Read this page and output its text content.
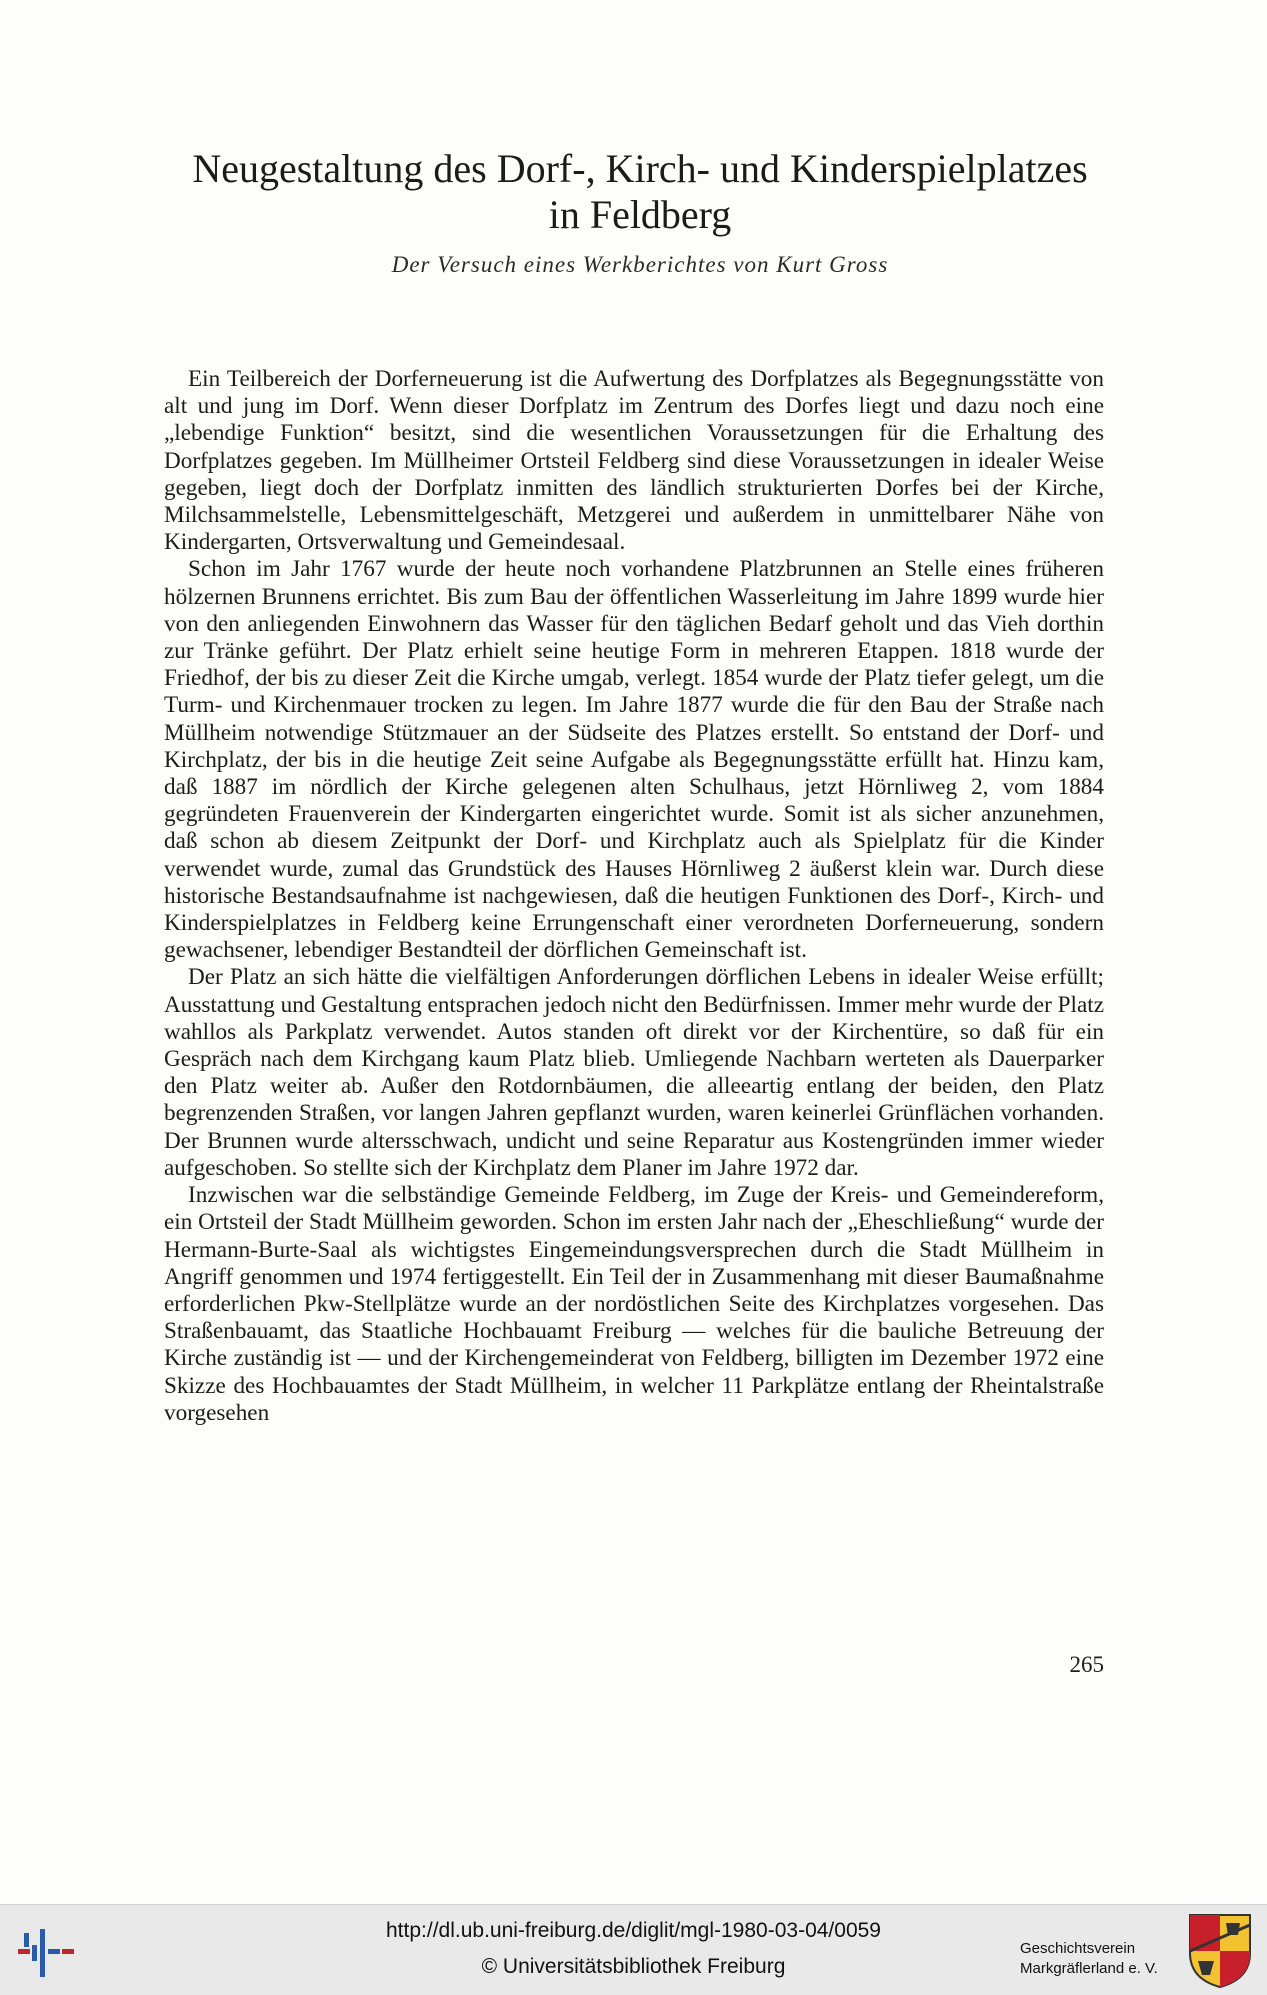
Neugestaltung des Dorf-, Kirch- und Kinderspielplatzes
in Feldberg
Der Versuch eines Werkberichtes von Kurt Gross

Ein Teilbereich der Dorferneuerung ist die Aufwertung des Dorfplatzes als Begegnungsstätte von alt und jung im Dorf. Wenn dieser Dorfplatz im Zentrum des Dorfes liegt und dazu noch eine „lebendige Funktion“ besitzt, sind die wesentlichen Voraussetzungen für die Erhaltung des Dorfplatzes gegeben. Im Müllheimer Ortsteil Feldberg sind diese Voraussetzungen in idealer Weise gegeben, liegt doch der Dorfplatz inmitten des ländlich strukturierten Dorfes bei der Kirche, Milchsammelstelle, Lebensmittelgeschäft, Metzgerei und außerdem in unmittelbarer Nähe von Kindergarten, Ortsverwaltung und Gemeindesaal.

Schon im Jahr 1767 wurde der heute noch vorhandene Platzbrunnen an Stelle eines früheren hölzernen Brunnens errichtet. Bis zum Bau der öffentlichen Wasserleitung im Jahre 1899 wurde hier von den anliegenden Einwohnern das Wasser für den täglichen Bedarf geholt und das Vieh dorthin zur Tränke geführt. Der Platz erhielt seine heutige Form in mehreren Etappen. 1818 wurde der Friedhof, der bis zu dieser Zeit die Kirche umgab, verlegt. 1854 wurde der Platz tiefer gelegt, um die Turm- und Kirchenmauer trocken zu legen. Im Jahre 1877 wurde die für den Bau der Straße nach Müllheim notwendige Stützmauer an der Südseite des Platzes erstellt. So entstand der Dorf- und Kirchplatz, der bis in die heutige Zeit seine Aufgabe als Begegnungsstätte erfüllt hat. Hinzu kam, daß 1887 im nördlich der Kirche gelegenen alten Schulhaus, jetzt Hörnliweg 2, vom 1884 gegründeten Frauenverein der Kindergarten eingerichtet wurde. Somit ist als sicher anzunehmen, daß schon ab diesem Zeitpunkt der Dorf- und Kirchplatz auch als Spielplatz für die Kinder verwendet wurde, zumal das Grundstück des Hauses Hörnliweg 2 äußerst klein war. Durch diese historische Bestandsaufnahme ist nachgewiesen, daß die heutigen Funktionen des Dorf-, Kirch- und Kinderspielplatzes in Feldberg keine Errungenschaft einer verordneten Dorferneuerung, sondern gewachsener, lebendiger Bestandteil der dörflichen Gemeinschaft ist.

Der Platz an sich hätte die vielfältigen Anforderungen dörflichen Lebens in idealer Weise erfüllt; Ausstattung und Gestaltung entsprachen jedoch nicht den Bedürfnissen. Immer mehr wurde der Platz wahllos als Parkplatz verwendet. Autos standen oft direkt vor der Kirchentüre, so daß für ein Gespräch nach dem Kirchgang kaum Platz blieb. Umliegende Nachbarn werteten als Dauerparker den Platz weiter ab. Außer den Rotdornbäumen, die alleeartig entlang der beiden, den Platz begrenzenden Straßen, vor langen Jahren gepflanzt wurden, waren keinerlei Grünflächen vorhanden. Der Brunnen wurde altersschwach, undicht und seine Reparatur aus Kostengründen immer wieder aufgeschoben. So stellte sich der Kirchplatz dem Planer im Jahre 1972 dar.

Inzwischen war die selbständige Gemeinde Feldberg, im Zuge der Kreis- und Gemeindereform, ein Ortsteil der Stadt Müllheim geworden. Schon im ersten Jahr nach der „Eheschließung“ wurde der Hermann-Burte-Saal als wichtigstes Eingemeindungsversprechen durch die Stadt Müllheim in Angriff genommen und 1974 fertiggestellt. Ein Teil der in Zusammenhang mit dieser Baumaßnahme erforderlichen Pkw-Stellplätze wurde an der nordöstlichen Seite des Kirchplatzes vorgesehen. Das Straßenbauamt, das Staatliche Hochbauamt Freiburg — welches für die bauliche Betreuung der Kirche zuständig ist — und der Kirchengemeinderat von Feldberg, billigten im Dezember 1972 eine Skizze des Hochbauamtes der Stadt Müllheim, in welcher 11 Parkplätze entlang der Rheintalstraße vorgesehen

265
http://dl.ub.uni-freiburg.de/diglit/mgl-1980-03-04/0059
© Universitätsbibliothek Freiburg
Geschichtsverein
Markgräflerland e. V.
